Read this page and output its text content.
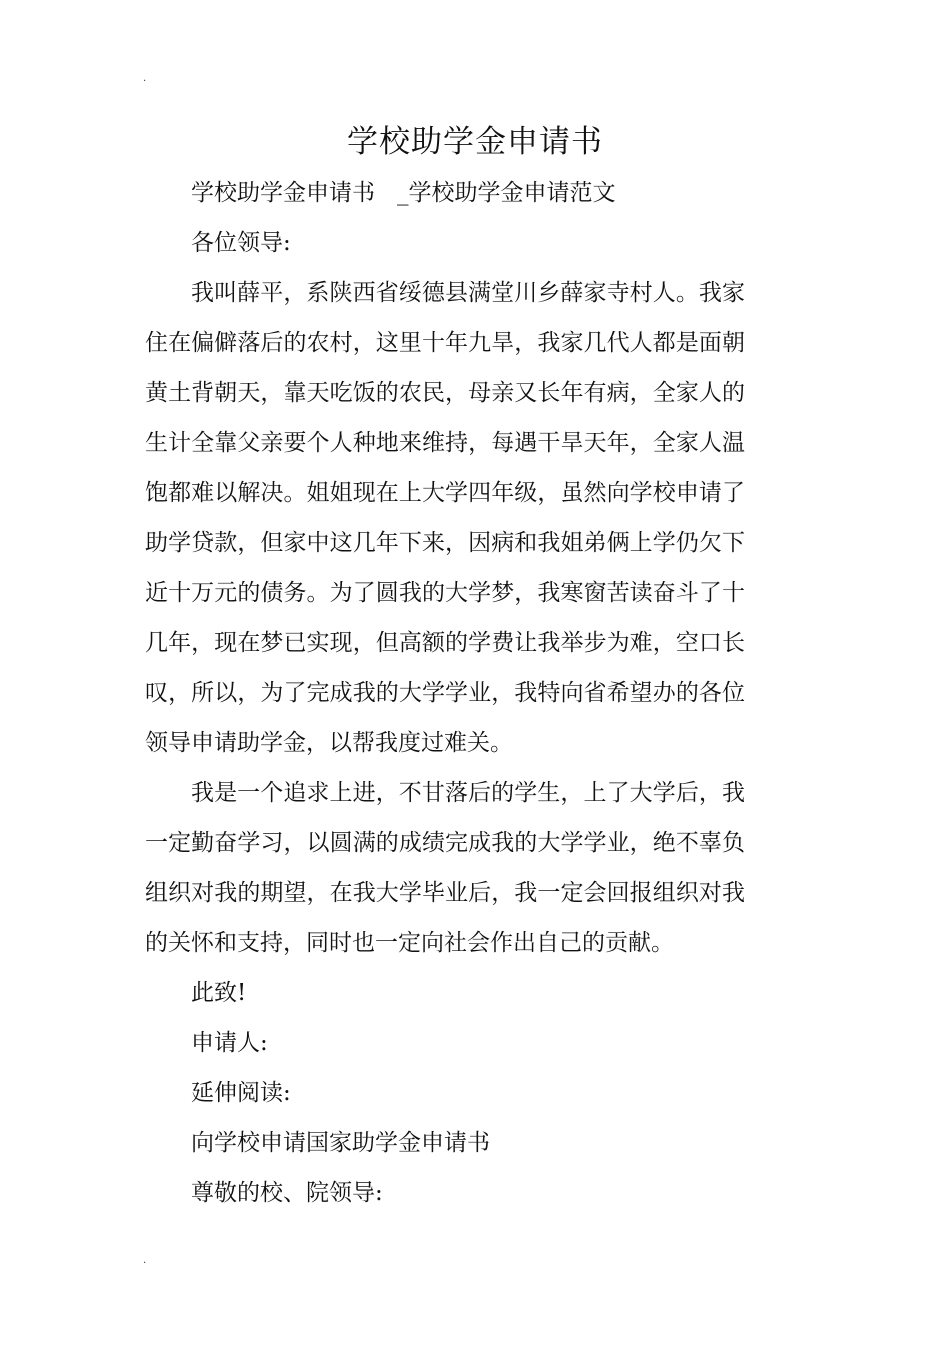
.
学校助学金申请书

学校助学金申请书 _学校助学金申请范文

各位领导:

我叫薛平，系陕西省绥德县满堂川乡薛家寺村人。我家住在偏僻落后的农村，这里十年九旱，我家几代人都是面朝黄土背朝天，靠天吃饭的农民，母亲又长年有病，全家人的生计全靠父亲要个人种地来维持，每遇干旱天年，全家人温饱都难以解决。姐姐现在上大学四年级，虽然向学校申请了助学贷款，但家中这几年下来，因病和我姐弟俩上学仍欠下近十万元的债务。为了圆我的大学梦，我寒窗苦读奋斗了十几年，现在梦已实现，但高额的学费让我举步为难，空口长叹，所以，为了完成我的大学学业，我特向省希望办的各位领导申请助学金，以帮我度过难关。

我是一个追求上进，不甘落后的学生，上了大学后，我一定勤奋学习，以圆满的成绩完成我的大学学业，绝不辜负组织对我的期望，在我大学毕业后，我一定会回报组织对我的关怀和支持，同时也一定向社会作出自己的贡献。

此致!

申请人:

延伸阅读:

向学校申请国家助学金申请书

尊敬的校、院领导:

.
